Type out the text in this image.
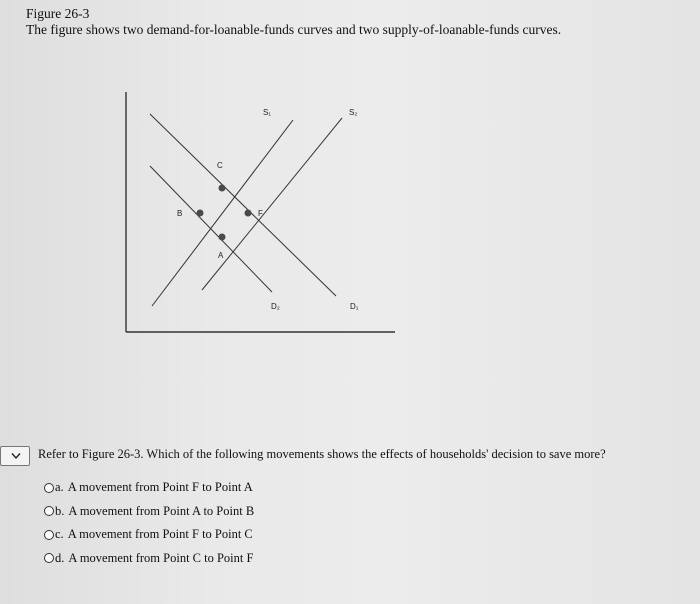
Figure 26-3

The figure shows two demand-for-loanable-funds curves and two supply-of-loanable-funds curves.

S₁	S₂
D₂	D₁
C
B	F
A

Refer to Figure 26-3. Which of the following movements shows the effects of households' decision to save more?

a. A movement from Point F to Point A
b. A movement from Point A to Point B
c. A movement from Point F to Point C
d. A movement from Point C to Point F
